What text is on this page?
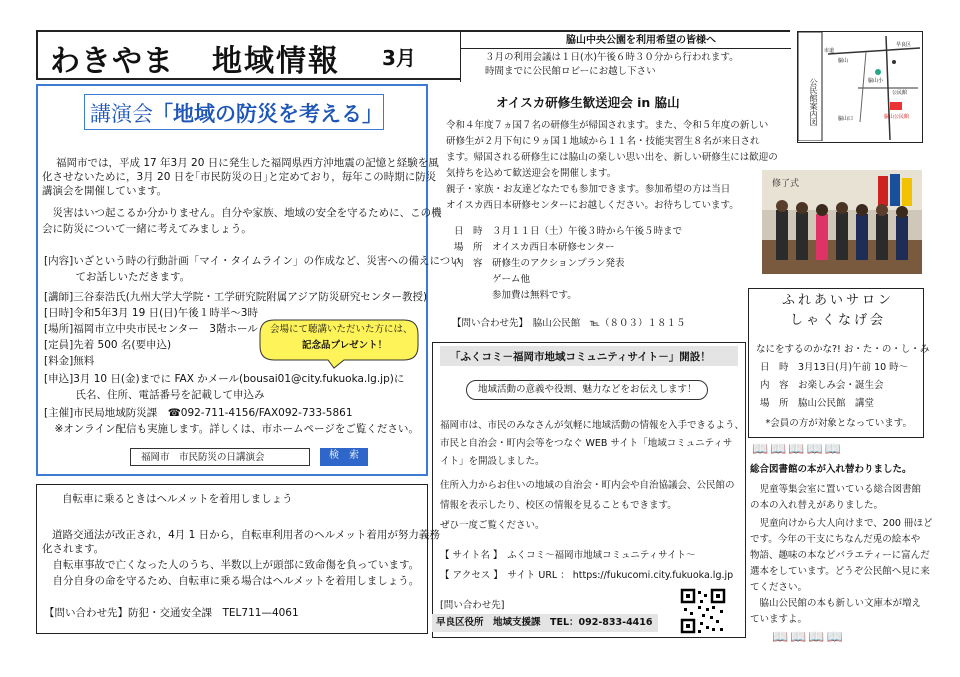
わきやま 地域情報 3月
脇山中央公園を利用希望の皆様へ
３月の利用会議は１日(水)午後６時３０分から行われます。
時間までに公民館ロビーにお越し下さい
市道
脇山
早良区
脇山小
公民館
脇山口	脇山公民館
公民館案内図
講演会 「地域の防災を考える」
福岡市では，平成 17 年3月 20 日に発生した福岡県西方沖地震の記憶と経験を風
化させないために，3月 20 日を｢市民防災の日｣と定めており，毎年この時期に防災
講演会を開催しています。
　災害はいつ起こるか分かりません。自分や家族、地域の安全を守るために、この機
会に防災について一緒に考えてみましょう。
[内容]いざという時の行動計画「マイ・タイムライン」の作成など、災害への備えについ
　　　てお話しいただきます。
[講師]三谷泰浩氏(九州大学大学院・工学研究院附属アジア防災研究センター教授)
[日時]令和5年3月 19 日(日)午後１時半～3時
[場所]福岡市立中央市民センター　3階ホール
[定員]先着 500 名(要申込)
[料金]無料
[申込]3月 10 日(金)までに FAX かメール(bousai01@city.fukuoka.lg.jp)に
　　　氏名、住所、電話番号を記載して申込み
[主催]市民局地域防災課　☎092-711-4156/FAX092-733-5861
　※オンライン配信も実施します。詳しくは、市ホームページをご覧ください。
会場にて聴講いただいた方には、
記念品プレゼント！
福岡市　市民防災の日講演会	検　索
自転車に乗るときはヘルメットを着用しましょう
道路交通法が改正され，4月 1 日から，自転車利用者のヘルメット着用が努力義務
化されます。
　自転車事故で亡くなった人のうち、半数以上が頭部に致命傷を負っています。
　自分自身の命を守るため、自転車に乗る場合はヘルメットを着用しましょう。
【問い合わせ先】防犯・交通安全課　TEL711—4061
オイスカ研修生歓送迎会 in 脇山
令和４年度７ヵ国７名の研修生が帰国されます。また、令和５年度の新しい
研修生が２月下旬に９ヵ国１地域から１１名・技能実習生８名が来日され
ます。帰国される研修生には脇山の楽しい思い出を、新しい研修生には歓迎の
気持ちを込めて歓送迎会を開催します。
親子・家族・お友達どなたでも参加できます。参加希望の方は当日
オイスカ西日本研修センターにお越しください。お待ちしています。
修了式
日　時　３月１１日（土）午後３時から午後５時まで
場　所　オイスカ西日本研修センター
内　容　研修生のアクションプラン発表
　　　　ゲーム他
　　　　参加費は無料です。
【問い合わせ先】　脇山公民館　℡（８０３）１８１５
「ふくコミ－福岡市地域コミュニティサイト－」開設！
地域活動の意義や役割、魅力などをお伝えします！
福岡市は、市民のみなさんが気軽に地域活動の情報を入手できるよう、
市民と自治会・町内会等をつなぐ WEB サイト「地域コミュニティサ
イト」を開設しました。
住所入力からお住いの地域の自治会・町内会や自治協議会、公民館の
情報を表示したり、校区の情報を見ることもできます。
ぜひ一度ご覧ください。
【 サイト名 】　ふくコミ～福岡市地域コミュニティサイト～
【 アクセス 】　サイト URL ： https://fukucomi.city.fukuoka.lg.jp
[問い合わせ先]
早良区役所　地域支援課　TEL：092-833-4416
ふれあいサロン
しゃくなげ会
なにをするのかな?! お・た・の・し・み
日　時　3月13日(月)午前 10 時～
内　容　お楽しみ会・誕生会
場　所　脇山公民館　講堂
　*会員の方が対象となっています。
📖📖📖📖📖
総合図書館の本が入れ替わりました。
　児童等集会室に置いている総合図書館
の本の入れ替えがありました。
　児童向けから大人向けまで、200 冊ほど
です。今年の干支にちなんだ兎の絵本や
物語、趣味の本などバラエティーに富んだ
選本をしています。どうぞ公民館へ見に来
てください。
　脇山公民館の本も新しい文庫本が増え
ていますよ。
📖📖📖📖
